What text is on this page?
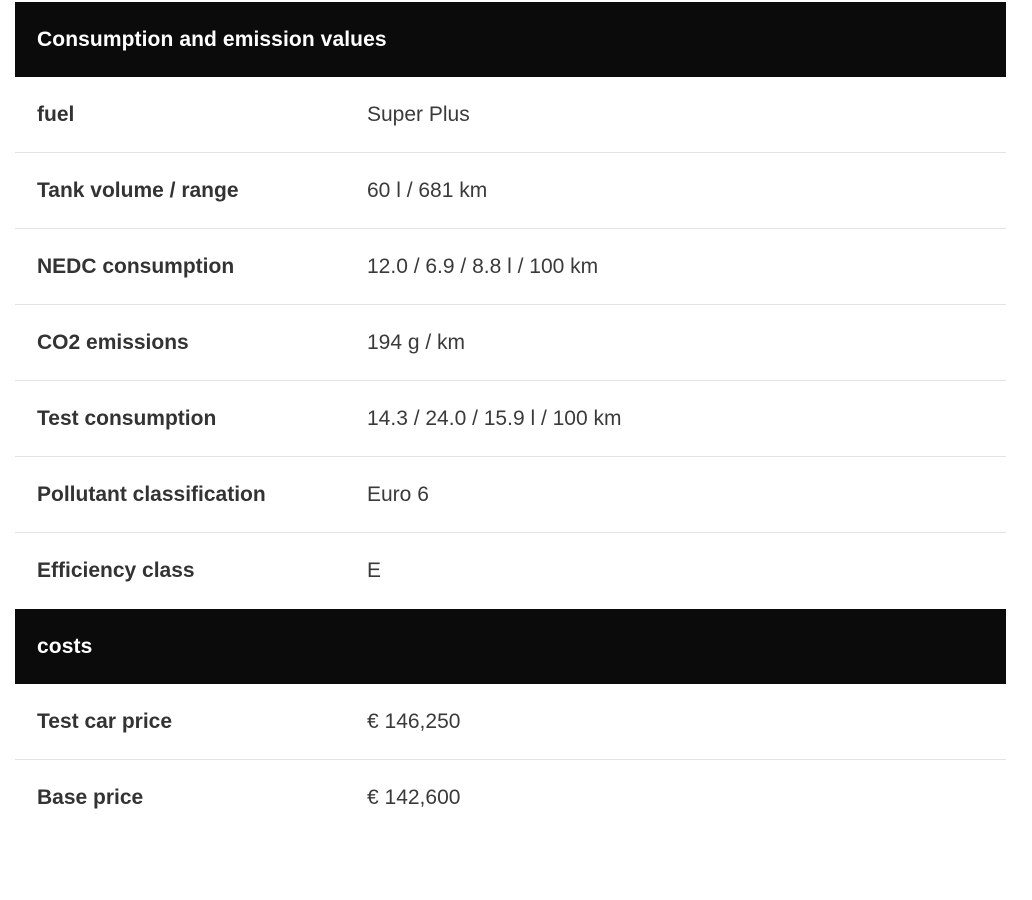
Consumption and emission values
fuel	Super Plus
Tank volume / range	60 l / 681 km
NEDC consumption	12.0 / 6.9 / 8.8 l / 100 km
CO2 emissions	194 g / km
Test consumption	14.3 / 24.0 / 15.9 l / 100 km
Pollutant classification	Euro 6
Efficiency class	E
costs
Test car price	€ 146,250
Base price	€ 142,600
